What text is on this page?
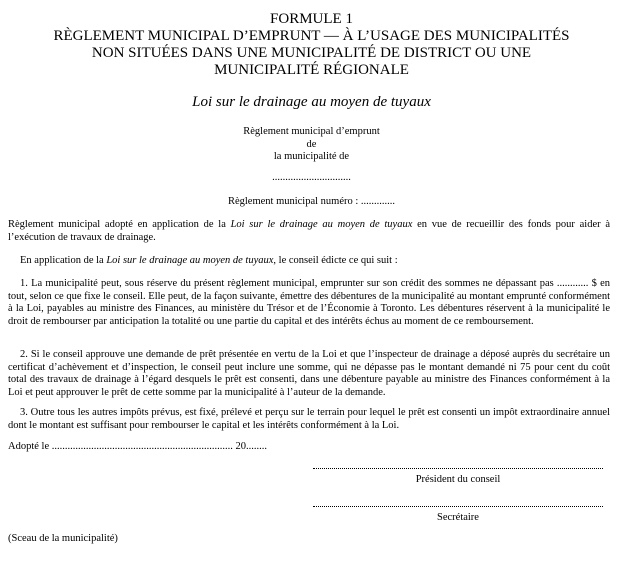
FORMULE 1
RÈGLEMENT MUNICIPAL D’EMPRUNT — À L’USAGE DES MUNICIPALITÉS
NON SITUÉES DANS UNE MUNICIPALITÉ DE DISTRICT OU UNE
MUNICIPALITÉ RÉGIONALE
Loi sur le drainage au moyen de tuyaux
Règlement municipal d’emprunt
de
la municipalité de
..............................
Règlement municipal numéro : .............

Règlement municipal adopté en application de la Loi sur le drainage au moyen de tuyaux en vue de recueillir des fonds pour aider à l’exécution de travaux de drainage.

En application de la Loi sur le drainage au moyen de tuyaux, le conseil édicte ce qui suit :

1. La municipalité peut, sous réserve du présent règlement municipal, emprunter sur son crédit des sommes ne dépassant pas ............ $ en tout, selon ce que fixe le conseil. Elle peut, de la façon suivante, émettre des débentures de la municipalité au montant emprunté conformément à la Loi, payables au ministre des Finances, au ministère du Trésor et de l’Économie à Toronto. Les débentures réservent à la municipalité le droit de rembourser par anticipation la totalité ou une partie du capital et des intérêts échus au moment de ce remboursement.

2. Si le conseil approuve une demande de prêt présentée en vertu de la Loi et que l’inspecteur de drainage a déposé auprès du secrétaire un certificat d’achèvement et d’inspection, le conseil peut inclure une somme, qui ne dépasse pas le montant demandé ni 75 pour cent du coût total des travaux de drainage à l’égard desquels le prêt est consenti, dans une débenture payable au ministre des Finances conformément à la Loi et peut approuver le prêt de cette somme par la municipalité à l’auteur de la demande.

3. Outre tous les autres impôts prévus, est fixé, prélevé et perçu sur le terrain pour lequel le prêt est consenti un impôt extraordinaire annuel dont le montant est suffisant pour rembourser le capital et les intérêts conformément à la Loi.

Adopté le ..................................................................... 20........
Président du conseil
Secrétaire
(Sceau de la municipalité)
